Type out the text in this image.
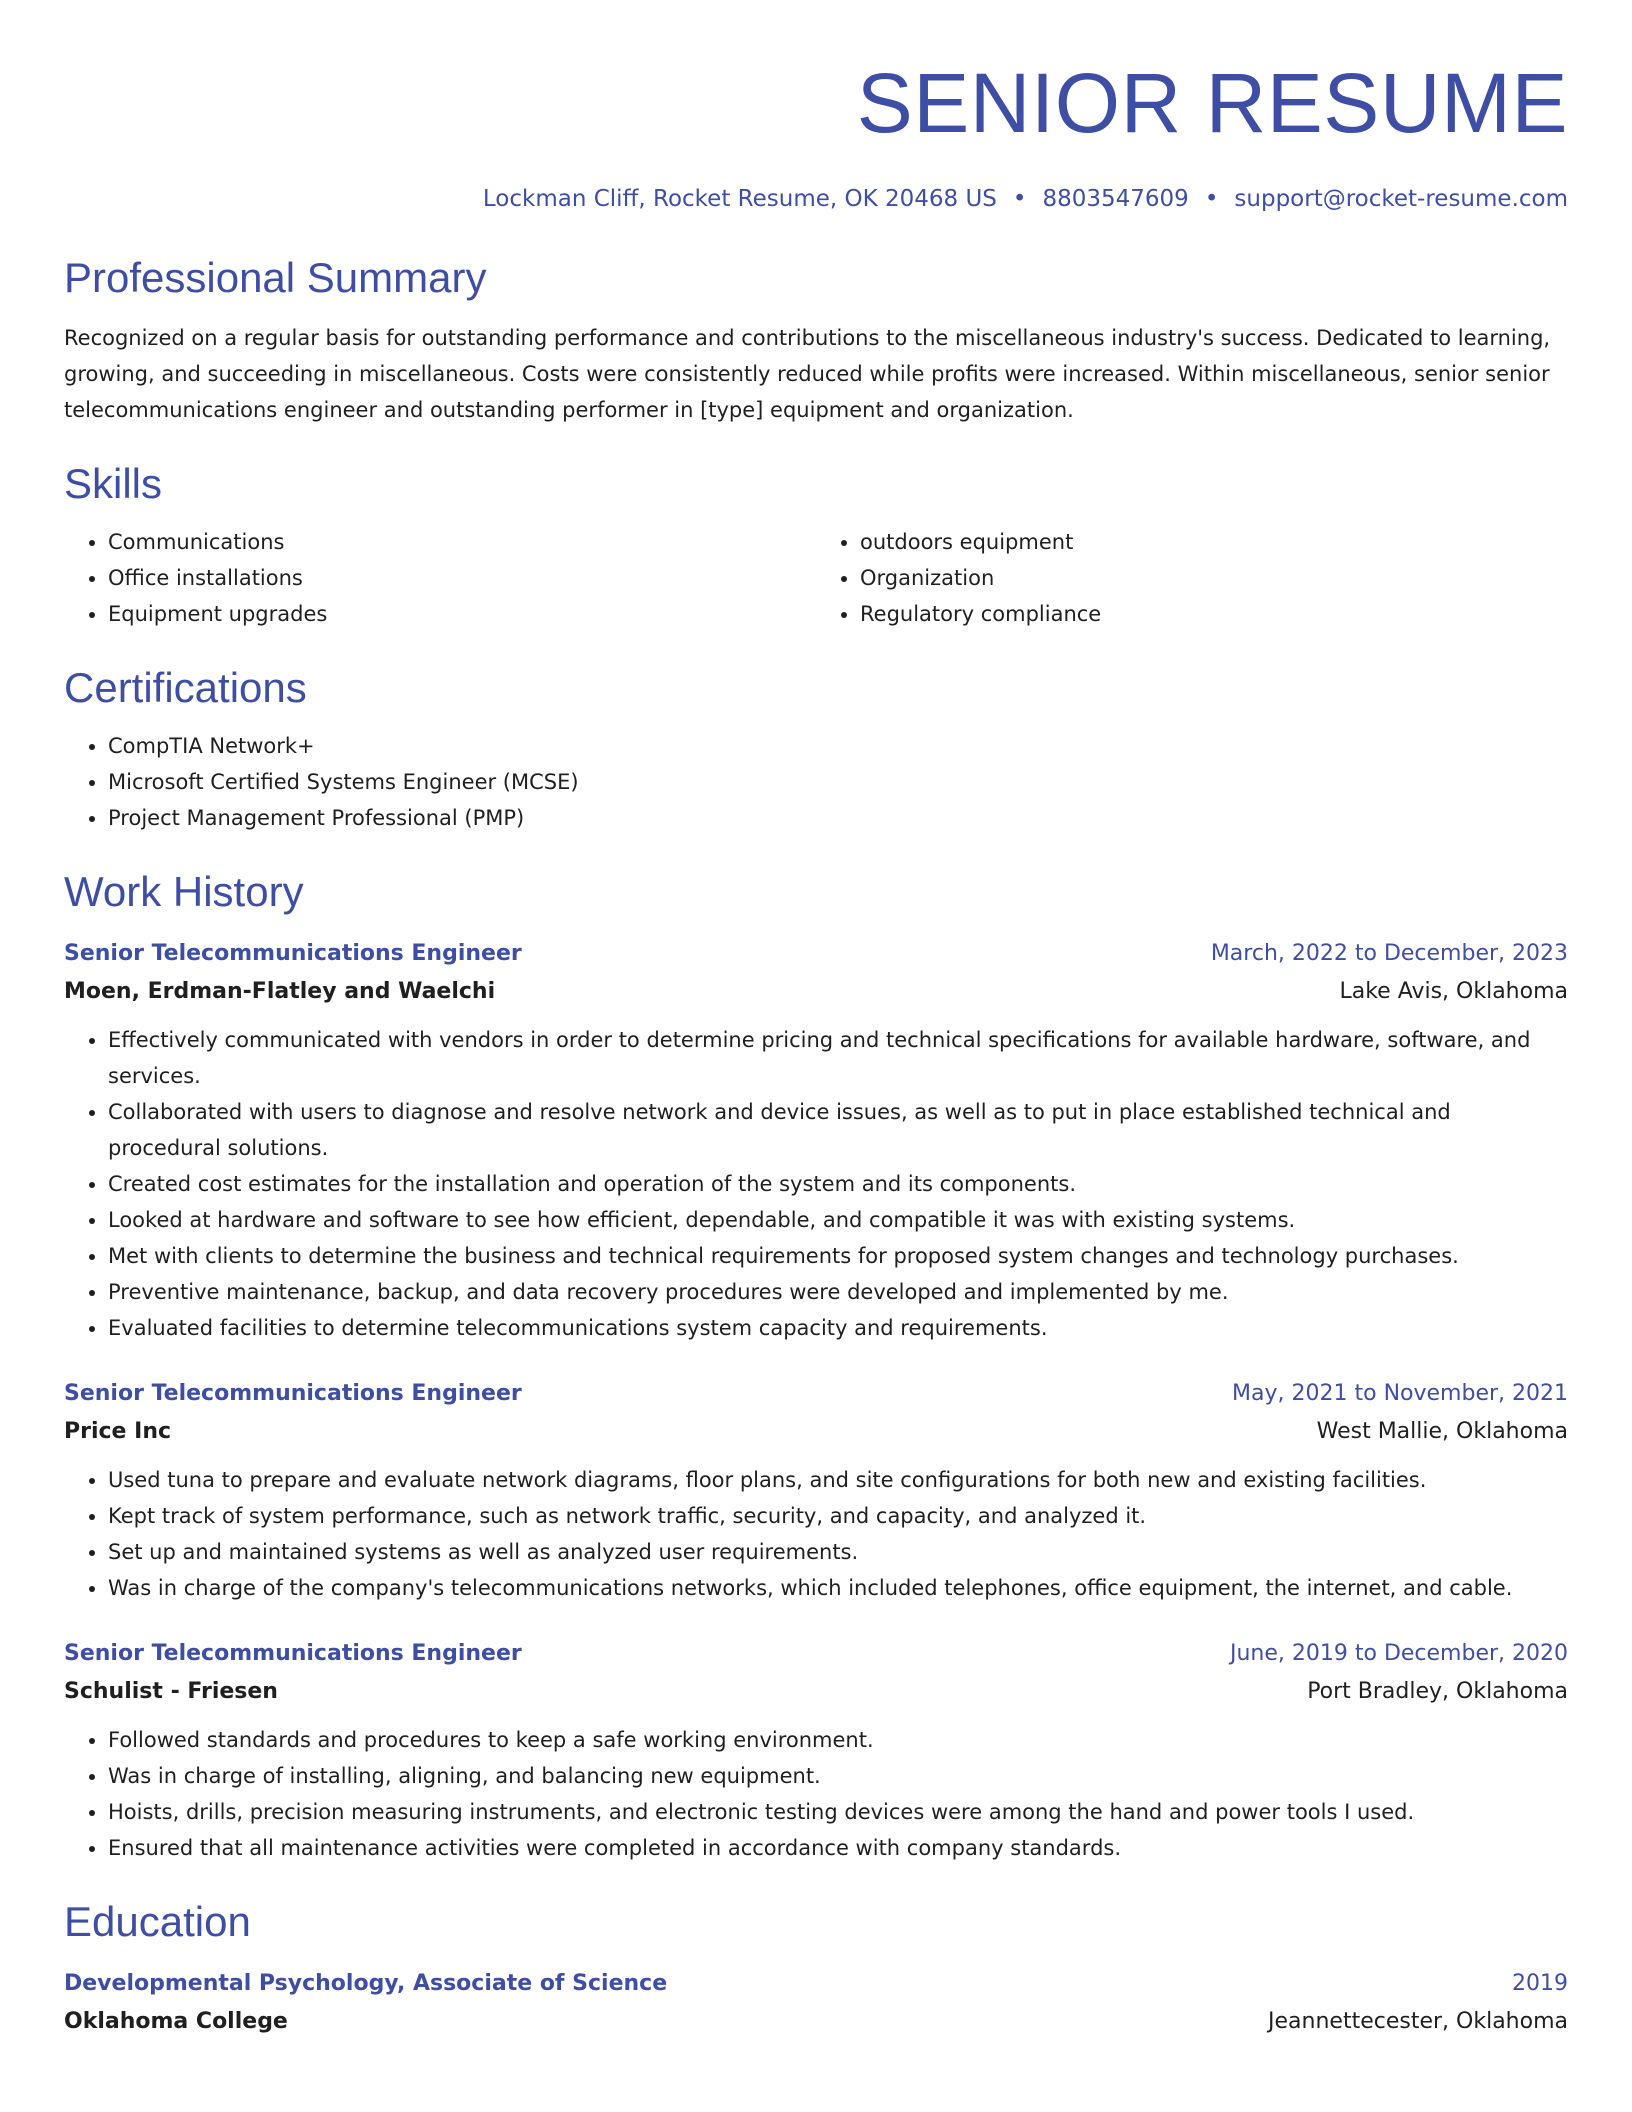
SENIOR RESUME
Lockman Cliff, Rocket Resume, OK 20468 US • 8803547609 • support@rocket-resume.com
Professional Summary

Recognized on a regular basis for outstanding performance and contributions to the miscellaneous industry's success. Dedicated to learning, growing, and succeeding in miscellaneous. Costs were consistently reduced while profits were increased. Within miscellaneous, senior senior telecommunications engineer and outstanding performer in [type] equipment and organization.

Skills
• Communications
• Office installations
• Equipment upgrades
• outdoors equipment
• Organization
• Regulatory compliance
Certifications
• CompTIA Network+
• Microsoft Certified Systems Engineer (MCSE)
• Project Management Professional (PMP)
Work History
Senior Telecommunications Engineer	March, 2022 to December, 2023
Moen, Erdman-Flatley and Waelchi	Lake Avis, Oklahoma
• Effectively communicated with vendors in order to determine pricing and technical specifications for available hardware, software, and services.
• Collaborated with users to diagnose and resolve network and device issues, as well as to put in place established technical and procedural solutions.
• Created cost estimates for the installation and operation of the system and its components.
• Looked at hardware and software to see how efficient, dependable, and compatible it was with existing systems.
• Met with clients to determine the business and technical requirements for proposed system changes and technology purchases.
• Preventive maintenance, backup, and data recovery procedures were developed and implemented by me.
• Evaluated facilities to determine telecommunications system capacity and requirements.
Senior Telecommunications Engineer	May, 2021 to November, 2021
Price Inc	West Mallie, Oklahoma
• Used tuna to prepare and evaluate network diagrams, floor plans, and site configurations for both new and existing facilities.
• Kept track of system performance, such as network traffic, security, and capacity, and analyzed it.
• Set up and maintained systems as well as analyzed user requirements.
• Was in charge of the company's telecommunications networks, which included telephones, office equipment, the internet, and cable.
Senior Telecommunications Engineer	June, 2019 to December, 2020
Schulist - Friesen	Port Bradley, Oklahoma
• Followed standards and procedures to keep a safe working environment.
• Was in charge of installing, aligning, and balancing new equipment.
• Hoists, drills, precision measuring instruments, and electronic testing devices were among the hand and power tools I used.
• Ensured that all maintenance activities were completed in accordance with company standards.
Education
Developmental Psychology, Associate of Science	2019
Oklahoma College	Jeannettecester, Oklahoma
